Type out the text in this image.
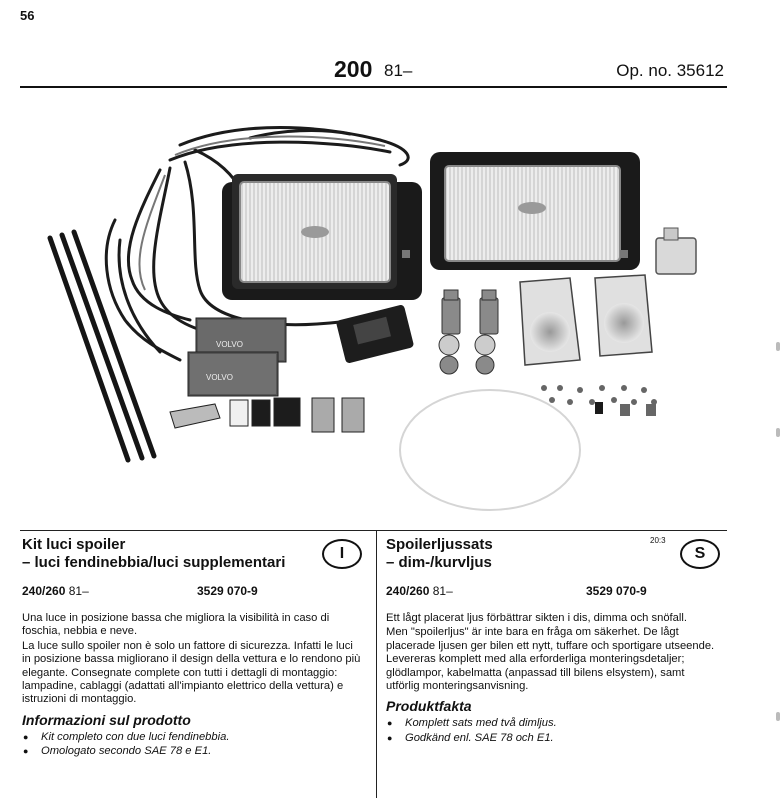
56
200 81–	Op. no. 35612
VOLVO
VOLVO
I
Kit luci spoiler
– luci fendinebbia/luci supplementari
240/260 81–	3529 070-9

Una luce in posizione bassa che migliora la visibilità in caso di foschia, nebbia e neve.

La luce sullo spoiler non è solo un fattore di sicurezza. Infatti le luci in posizione bassa migliorano il design della vettura e lo rendono più elegante. Consegnate complete con tutti i dettagli di montaggio: lampadine, cablaggi (adattati all'impianto elettrico della vettura) e istruzioni di montaggio.

Informazioni sul prodotto
● Kit completo con due luci fendinebbia.
● Omologato secondo SAE 78 e E1.
20:3
S
Spoilerljussats
– dim-/kurvljus
240/260 81–	3529 070-9

Ett lågt placerat ljus förbättrar sikten i dis, dimma och snöfall.

Men "spoilerljus" är inte bara en fråga om säkerhet. De lågt placerade ljusen ger bilen ett nytt, tuffare och sportigare utseende. Levereras komplett med alla erforderliga monteringsdetaljer; glödlampor, kabelmatta (anpassad till bilens elsystem), samt utförlig monteringsanvisning.

Produktfakta
● Komplett sats med två dimljus.
● Godkänd enl. SAE 78 och E1.
